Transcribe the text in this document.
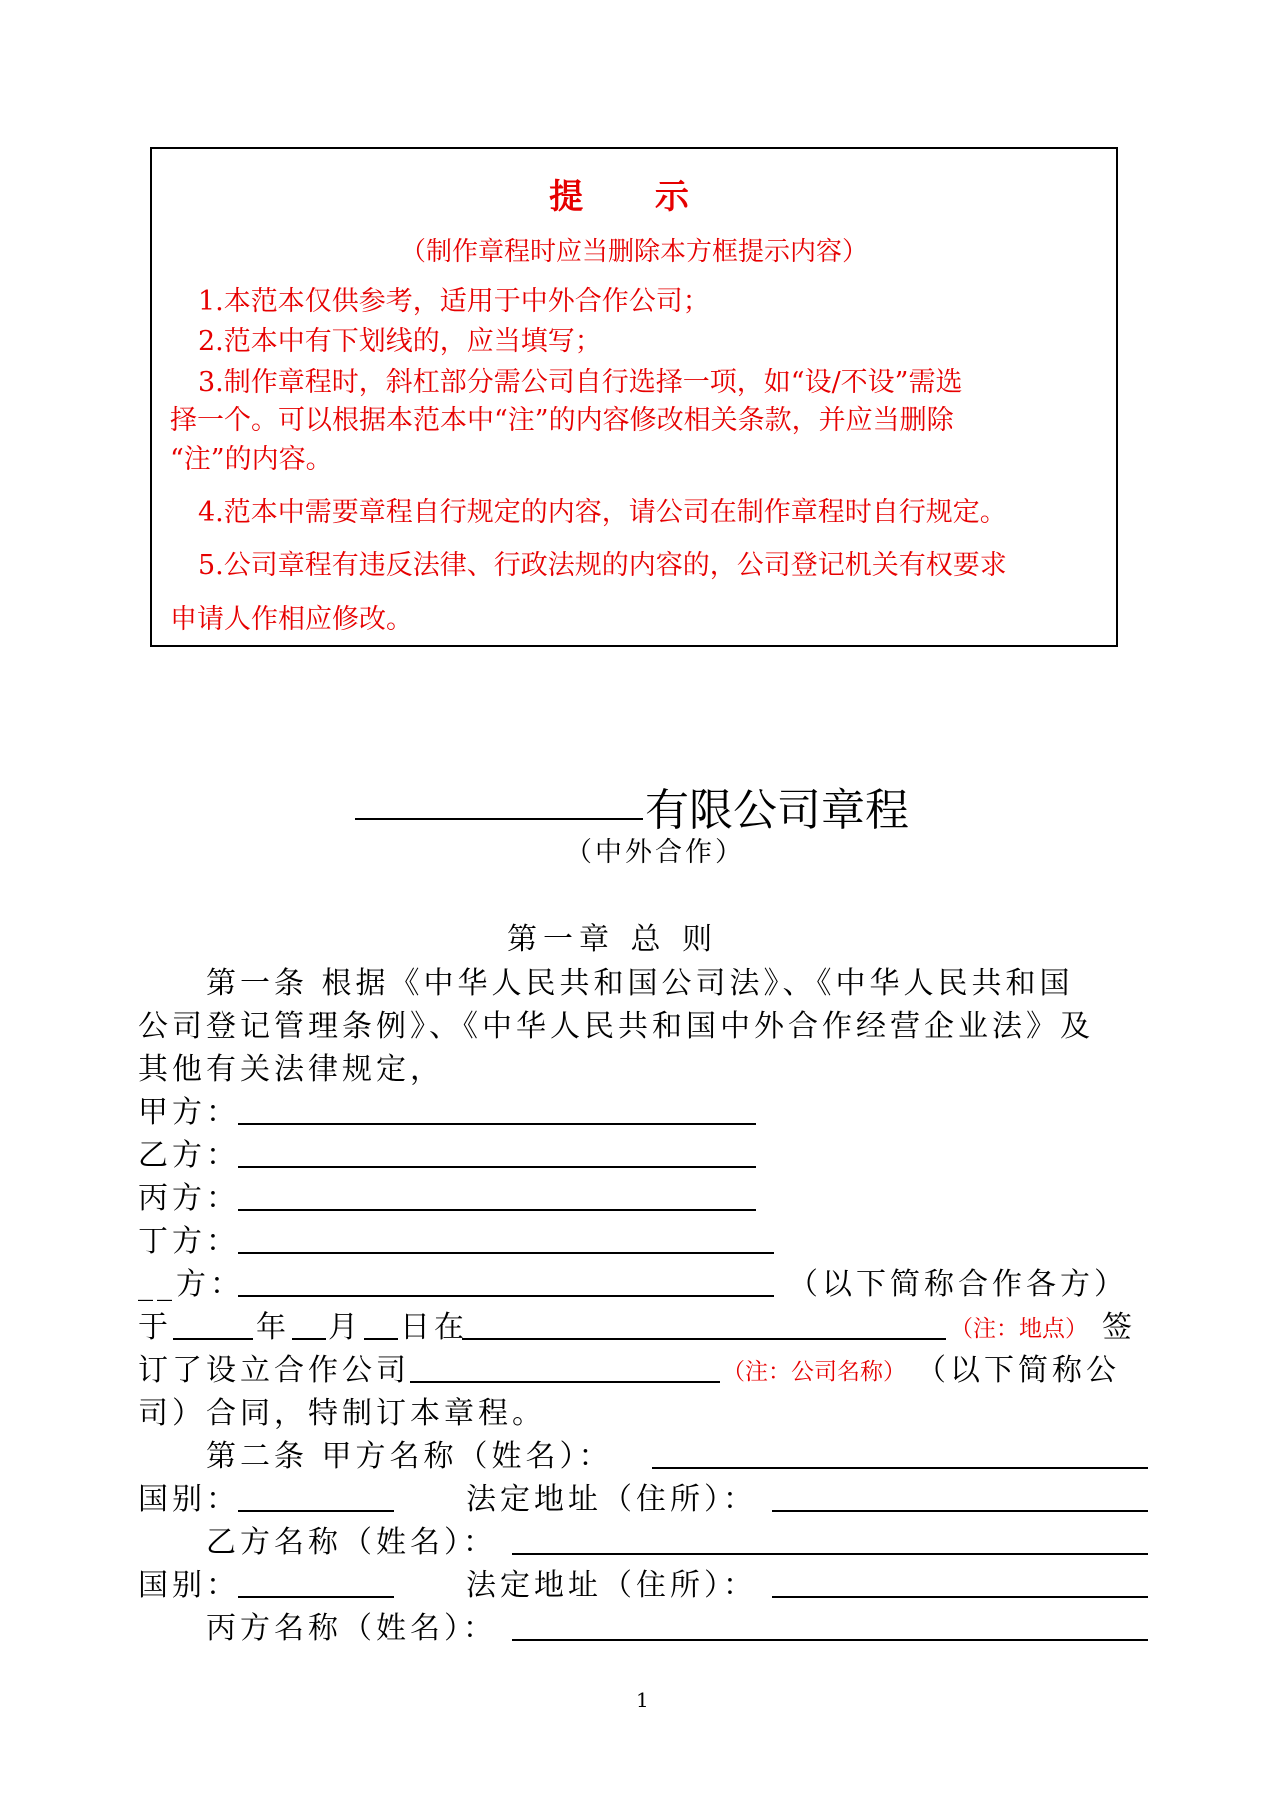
提 示
（制作章程时应当删除本方框提示内容）
1.本范本仅供参考，适用于中外合作公司；
2.范本中有下划线的，应当填写；
3.制作章程时，斜杠部分需公司自行选择一项，如“设/不设”需选
择一个。可以根据本范本中“注”的内容修改相关条款，并应当删除
“注”的内容。
4.范本中需要章程自行规定的内容，请公司在制作章程时自行规定。
5.公司章程有违反法律、行政法规的内容的，公司登记机关有权要求
申请人作相应修改。
有限公司章程
（中外合作）
第一章 总 则
第一条 根据《中华人民共和国公司法》、《中华人民共和国
公司登记管理条例》、《中华人民共和国中外合作经营企业法》及
其他有关法律规定，
甲方：
乙方：
丙方：
丁方：
__方：	（以下简称合作各方）
于	年 月 日在	（注：地点） 签
订了设立合作公司	（注：公司名称） （以下简称公
司）合同，特制订本章程。
第二条 甲方名称（姓名）：
国别：	法定地址（住所）：
乙方名称（姓名）：
国别：	法定地址（住所）：
丙方名称（姓名）：
1
